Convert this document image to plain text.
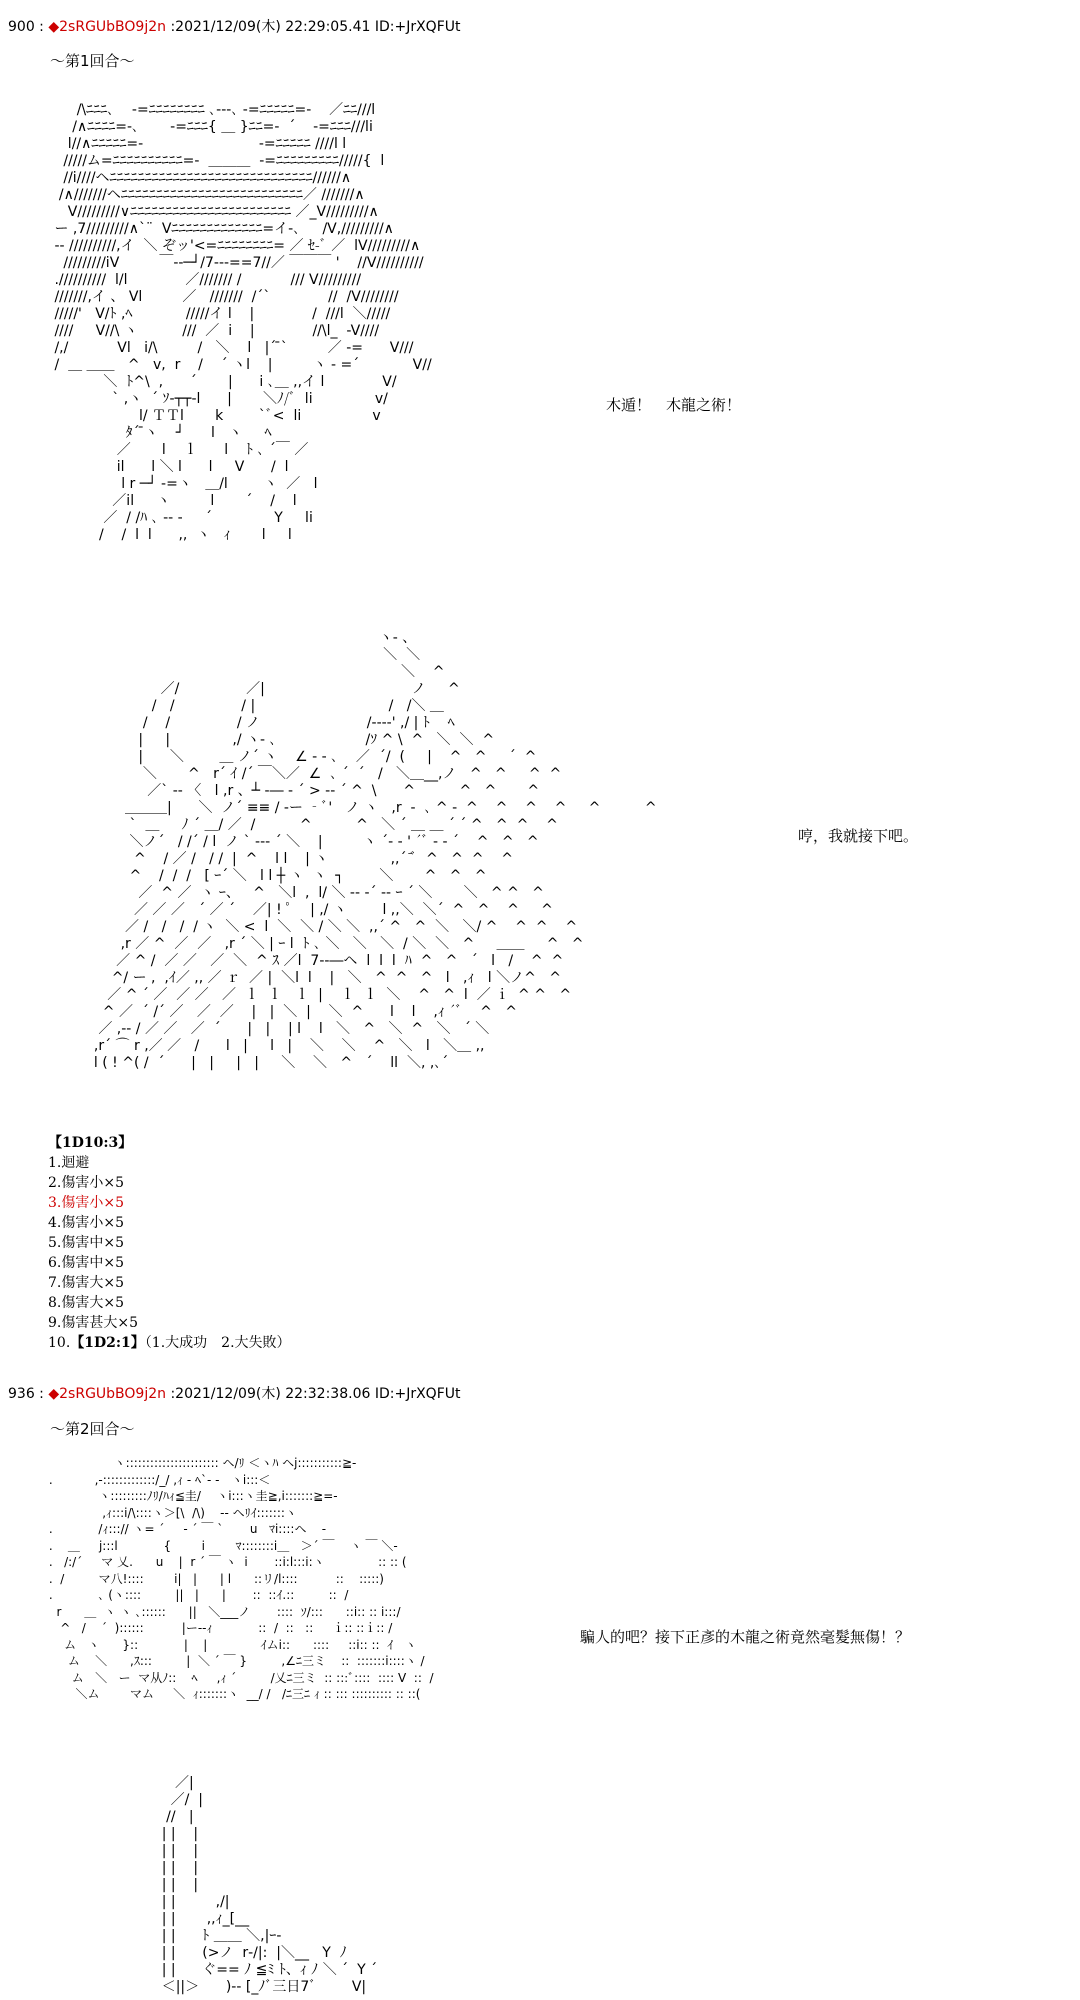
900 : ◆2sRGUbBO9j2n :2021/12/09(木) 22:29:05.41 ID:+JrXQFUt
～第1回合～
/\ﾆﾆﾆ､    -=ﾆﾆﾆﾆﾆﾆﾆﾆ ､-‐-､ -=ﾆﾆﾆﾆﾆ=-    ／ﾆﾆ///l
/∧ﾆﾆﾆﾆ=-､       -=ﾆﾆﾆ{ ＿ }ﾆﾆ=-  ´    -=ﾆﾆﾆ///li
l//∧ﾆﾆﾆﾆﾆ=-                          -=ﾆﾆﾆﾆﾆ ////l l
/////ム=ﾆﾆﾆﾆﾆﾆﾆﾆﾆﾆ=-  ＿＿＿  -=ﾆﾆﾆﾆﾆﾆﾆﾆﾆ/////{  l
//i////ヘﾆﾆﾆﾆﾆﾆﾆﾆﾆﾆﾆﾆﾆﾆﾆﾆﾆﾆﾆﾆﾆﾆﾆﾆﾆﾆﾆﾆﾆ//////∧
/∧///////ヘﾆﾆﾆﾆﾆﾆﾆﾆﾆﾆﾆﾆﾆﾆﾆﾆﾆﾆﾆﾆﾆﾆﾆﾆﾆﾆ／ ///////∧
V/////////∨ﾆﾆﾆﾆﾆﾆﾆﾆﾆﾆﾆﾆﾆﾆﾆﾆﾆﾆﾆﾆﾆﾆﾆ ／_V/////////∧
ー ,7/////////∧`¨  Vﾆﾆﾆﾆﾆﾆﾆﾆﾆﾆﾆﾆﾆ=イ-､     /V,/////////∧
-- //////////,イ  ＼ ぞッ'<=ﾆﾆﾆﾆﾆﾆﾆﾆ= ／ ｾ-ﾞ ／  lV/////////∧
/////////iV         ￣‐-─┘/7---==7//／ ￣￣￣ '    //V//////////
.//////////  l/l             ／/////// /           /// V/////////
///////,イ 、 Vl         ／   ///////  /´`             //  /V////////
/////'   V/ﾄ ,ﾍ            /////イ l    |             /  ///l  ＼/////
////     V//\ ヽ          ///  ／  i    |             //\l_  -V////
/,/           Vl   i/\         /   ＼    l   |´ ̄`         ／ -=      V///
/  ＿ ＿＿   ^   v,  r    /    ´ ヽl    |         ヽ - =´            V//
＼  ﾄ^\  ,      ´       |      i ､＿ ,,イ l             V/
` ,ヽ  ´ ｿ‐┬┬‐l      |       ＼ﾉ/ﾞ  li              v/
l/ ＴＴl       k        `ﾞ<  li                v
ﾀ´ ̄ヽ    ┘      l   ヽ     ﾍ
／       l    ｌ      l    ﾄ ､ ´￣ ／
il      l ＼ l      l     V      /  l
l r ─┘ -=ヽ   ＿/l        ヽ  ／   l
／il     ヽ         l       ´    /    l
／  / /ﾊ ､ ‐‐ ‐     ´              Y     li
/    /  l  l      ,,  ヽ   ｨ       l     l
木遁！　木龍之術！
ヽ- 、
＼  ＼
＼    ^
／/               ／|                                 ノ     ^
/   /               / |                              /   /＼ ＿
/    /               / ノ                        /----' ,/ | ﾄ    ﾍ
|     |              ,/ ヽ- ､                    /ｿ ^ \  ^   ＼  ＼  ^
|      ＼        ＿ ノ´ ヽ    ∠ - ‐ ､    ／  ´/  (     |    ^   ^     ´  ^
＼       ^   r´ ｲ /´ ￣＼／  ∠  ､ ´  ´   /   ＼＿__,ノ   ^   ^     ^  ^
／` -‐ 〈   l ,r 、┴ -― ‐ ´ > -‐ ´ ^  \      ^          ^   ^       ^
＿＿＿|      ＼  ノ´ ≡≡ / ‐ー ‐ﾞ'   ノ ヽ   ,r  ‐  ､ ^ ‐  ^    ^    ^    ^     ^          ^
`  ＿     ﾉ ´ ＿/ ／  /          ^          ^   ＼ ´ ＿ ＿ ´ ´ ^   ^  ^    ^
＼ノ´   / /´ / l  ノ ` ‐‐‐ ´ ＼    |         ヽ ´- ‐ ' ´ﾞ ‐ ‐ ´    ^   ^   ^
^    / ／ /   / /  |  ^    l l    | ヽ              ,,´ ̄ﾞ  ^   ^  ^    ^
^    /  /  /   [ ｰ´ ＼   l l ┼ ヽ  ヽ  ┐        ＼       ^   ^   ^
／  ^ ／  ヽ ｰ、   ^   ＼l  ,  l/ ＼ ‐- -´ -‐ ｰ ´ ＼       ＼   ^ ^   ^
／ ／ ／   ´ ／ ´    ／| ! ﾟ    | ,/ ヽ        l ,,＼  ＼´  ^   ^    ^     ^
／ /   /   /  / ヽ  ＼ <  l  ＼  ＼ / ＼ ＼  ,,´ ^   ^  ＼   ＼/ ^    ^  ^    ^
,r ／ ^  ／  ／   ,r ´ ＼ | ｰ l  ﾄ ､ ＼   ＼   ＼  / ＼  ＼   ^     ＿＿     ^   ^
／ ^ /  ／ ／   ／  ＼  ^ ｽ ／l  7--―ヘ  l  l  l  ﾊ  ^   ^   ´   l   /    ^  ^
^/ ー ,  ,ｲ／ ,, ／ ｒ  ／ |  ＼l  l    |   ＼   ^  ^   ^   l   ,ｨ   l ＼ノ^   ^
／ ^ ´ ／  ／ ／   ／  ｌ  ｌ   ｌ  |    ｌ  ｌ  ＼    ^   ^  l  ／ ｉ  ^ ^   ^
^ ／  ´ /´ ／   ／  ／    |   |  ＼  |    ＼  ^      l    l    ,ｨ ´ﾞ    ^   ^
／ ,-‐ / ／ ／   ／  ´      |   |    | l    l   ＼   ^   ＼  ^   ＼   ´ ＼
,r´ ⌒ r ,／ ／   /      l   |     l   |    ＼    ＼    ^   ＼   l   ＼＿ ,,
l ( ! ^( /  ´      |   |     |   |     ＼    ＼   ^   ´    ll  ＼, ,､´
哼，我就接下吧。
【1D10:3】
1.迴避
2.傷害小×5
3.傷害小×5
4.傷害小×5
5.傷害中×5
6.傷害中×5
7.傷害大×5
8.傷害大×5
9.傷害甚大×5
10.【1D2:1】（1.大成功　2.大失敗）
936 : ◆2sRGUbBO9j2n :2021/12/09(木) 22:32:38.06 ID:+JrXQFUt
～第2回合～
ヽ::::::::::::::::::::::: ヘ/ﾘ ＜ヽﾊ ヘj:::::::::::≧-
.           ,-:::::::::::::/_/ ,ｨ ‐ ﾍ`- ‐   ヽi:::＜
ヽ:::::::::ﾉﾘ/ﾊｨ≦圭/    ヽi:::ヽ圭≧,i:::::::≧=-
,ｨ:::i/\::::ヽ＞[\  /\)    ‐‐ ヘﾘｲ:::::::ヽ
.            /ｨ:::// ヽ= ´     ‐ ´ ￣ `       u   ﾏi::::ヘ    ‐
.    ＿     j:::l            {        i        ﾏ::::::::i＿   ＞´ ￣    ヽ ￣ ＼‐
.   /:/´     マ 乂.      u    |  r ´ ￣ ヽ  i       ::i:l:::i:ヽ              :: :: (
.  /         マ八!::::        i|   |      | l      ::リ/l::::          ::    :::::)
.            ､ (ヽ::::         ||   |      |       ::  ::ｲ.::         ::  /
r      ＿  ヽ ヽ ､::::::      ||   ＼___ノ       ::::  ｿ/:::      ::i:: :: i:::/
^   /    ´  )::::::          |ー-‐ｨ            ::  /  ::   ::     ｉ:: ::ｉ:: /
ム   ヽ      }::            |    |              ｲムi::      ::::     ::i:: ::  ｲ   ヽ
ム    ＼      ,ｽ:::         |  ＼ ´ ￣ }         ,∠ﾆ三ミ    ::  :::::::i::::ヽ /
ム   ＼   ー  マ从ﾉ::    ﾍ     ,ｨ ´         /乂ﾆ三ミ  :: :::ﾞ::::  :::: V  ::  /
＼ム        マム     ＼  ｨ:::::::ヽ  __/ /   /ﾆ三ﾆ ｨ :: ::: :::::::::: :: ::(
騙人的吧？接下正彥的木龍之術竟然毫髮無傷！？
／|
／/  |
//   |
| |    |
| |    |
| |    |
| |    |
| |         ,/|
| |       ,,ｨ_[__
| |      ﾄ ＿＿ ＼,|ｰ‐
| |      (>ノ  r‐/|:  |＼__   Y  ﾉ
| |      ぐ== ﾉ ≦ﾐ ﾄ、ｨ ﾉ ＼ ´  Y ´
＜||＞      )‐‐ [_ﾉﾞ三日7ﾞ        V|
